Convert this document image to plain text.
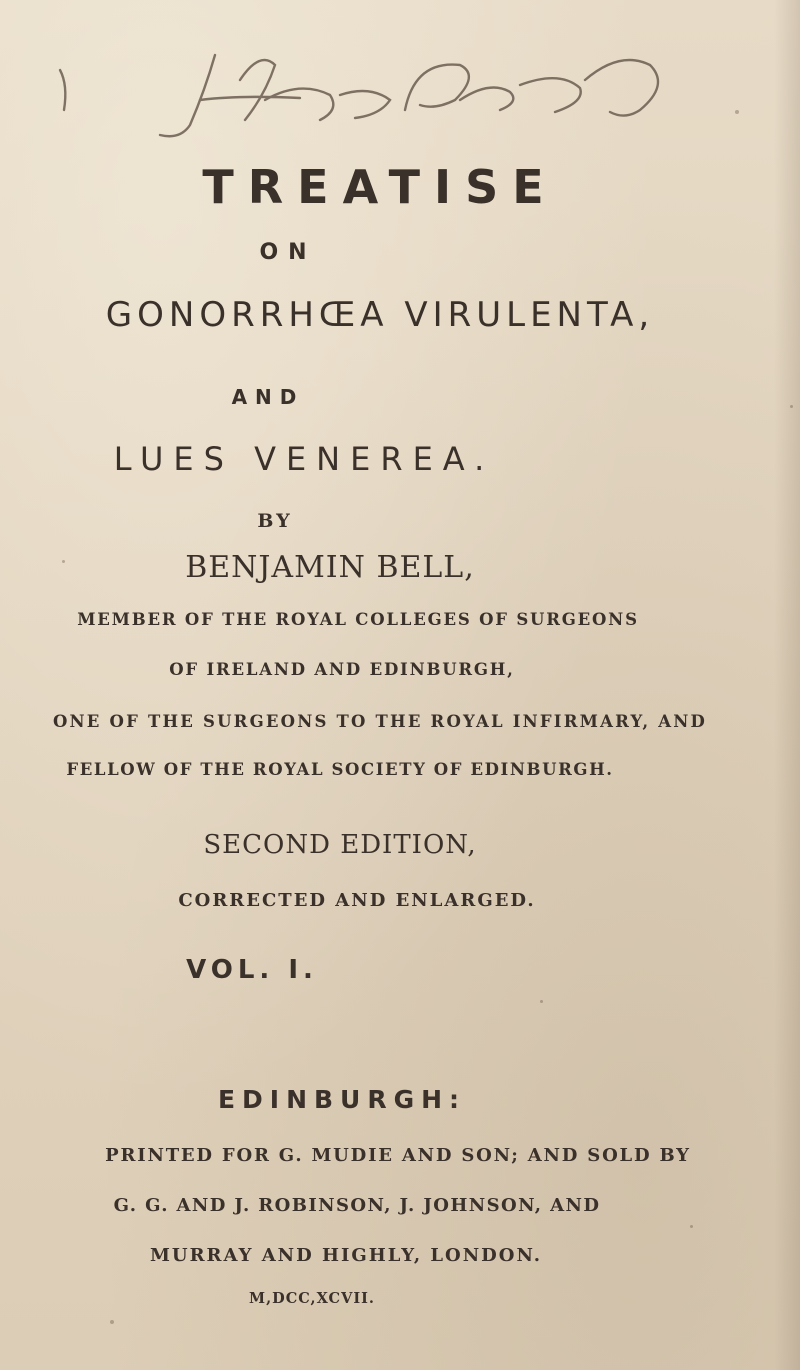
TREATISE
ON
GONORRHŒA VIRULENTA,
AND
LUES VENEREA.
BY
BENJAMIN BELL,
MEMBER OF THE ROYAL COLLEGES OF SURGEONS
OF IRELAND AND EDINBURGH,
ONE OF THE SURGEONS TO THE ROYAL INFIRMARY, AND
FELLOW OF THE ROYAL SOCIETY OF EDINBURGH.
SECOND EDITION,
CORRECTED AND ENLARGED.
VOL. I.
EDINBURGH:
PRINTED FOR G. MUDIE AND SON; AND SOLD BY
G. G. AND J. ROBINSON, J. JOHNSON, AND
MURRAY AND HIGHLY, LONDON.
M,DCC,XCVII.
